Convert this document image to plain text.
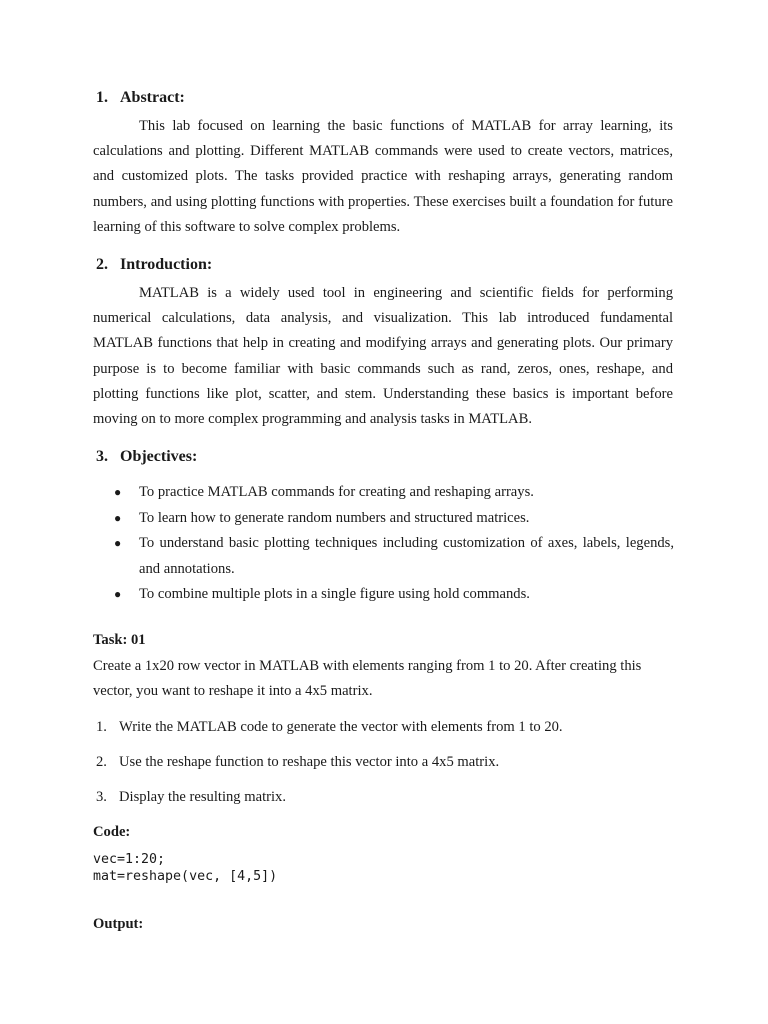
1. Abstract:
This lab focused on learning the basic functions of MATLAB for array learning, its calculations and plotting. Different MATLAB commands were used to create vectors, matrices, and customized plots. The tasks provided practice with reshaping arrays, generating random numbers, and using plotting functions with properties. These exercises built a foundation for future learning of this software to solve complex problems.
2. Introduction:
MATLAB is a widely used tool in engineering and scientific fields for performing numerical calculations, data analysis, and visualization. This lab introduced fundamental MATLAB functions that help in creating and modifying arrays and generating plots. Our primary purpose is to become familiar with basic commands such as rand, zeros, ones, reshape, and plotting functions like plot, scatter, and stem. Understanding these basics is important before moving on to more complex programming and analysis tasks in MATLAB.
3. Objectives:
● To practice MATLAB commands for creating and reshaping arrays.
● To learn how to generate random numbers and structured matrices.
● To understand basic plotting techniques including customization of axes, labels, legends, and annotations.
● To combine multiple plots in a single figure using hold commands.
Task: 01
Create a 1x20 row vector in MATLAB with elements ranging from 1 to 20. After creating this vector, you want to reshape it into a 4x5 matrix.
1. Write the MATLAB code to generate the vector with elements from 1 to 20.
2. Use the reshape function to reshape this vector into a 4x5 matrix.
3. Display the resulting matrix.
Code:
vec=1:20;
mat=reshape(vec, [4,5])
Output:
